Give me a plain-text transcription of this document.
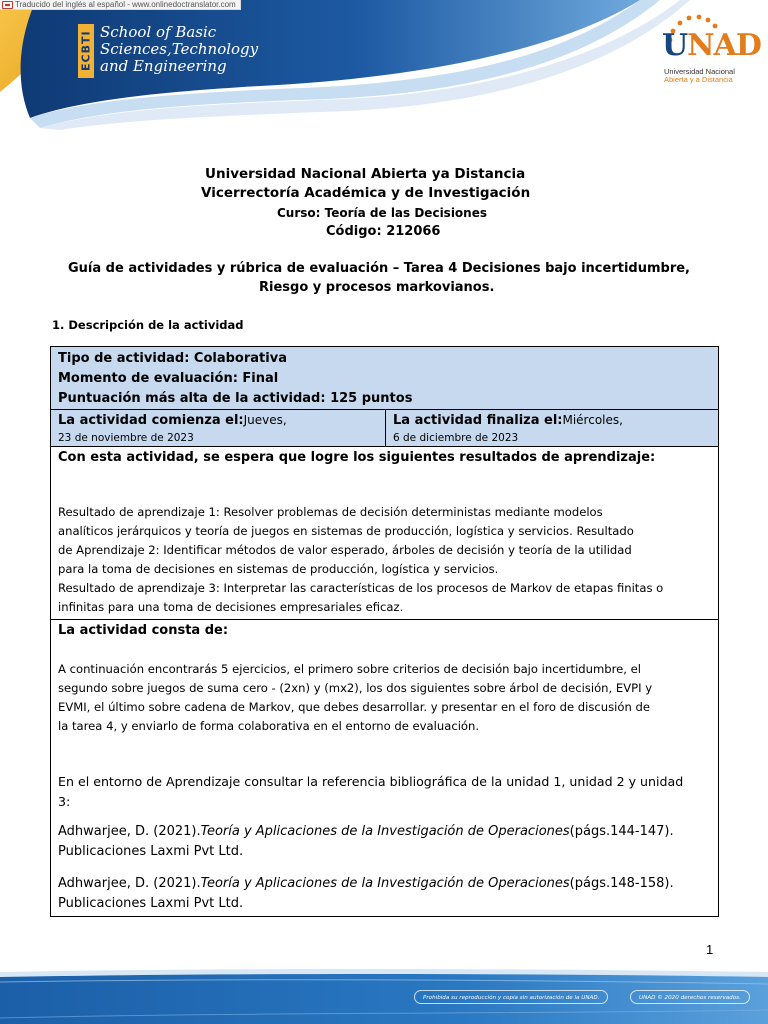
Traducido del inglés al español - www.onlinedoctranslator.com
ECBTI School of Basic
Sciences,Technology
and Engineering
UNAD
Universidad Nacional
Abierta y a Distancia
Universidad Nacional Abierta ya Distancia
Vicerrectoría Académica y de Investigación
Curso: Teoría de las Decisiones
Código: 212066
Guía de actividades y rúbrica de evaluación – Tarea 4 Decisiones bajo incertidumbre,
Riesgo y procesos markovianos.
1. Descripción de la actividad
Tipo de actividad: Colaborativa
Momento de evaluación: Final
Puntuación más alta de la actividad: 125 puntos
La actividad comienza el:Jueves,
23 de noviembre de 2023
La actividad finaliza el:Miércoles,
6 de diciembre de 2023
Con esta actividad, se espera que logre los siguientes resultados de aprendizaje:

Resultado de aprendizaje 1: Resolver problemas de decisión deterministas mediante modelos

analíticos jerárquicos y teoría de juegos en sistemas de producción, logística y servicios. Resultado

de Aprendizaje 2: Identificar métodos de valor esperado, árboles de decisión y teoría de la utilidad

para la toma de decisiones en sistemas de producción, logística y servicios.

Resultado de aprendizaje 3: Interpretar las características de los procesos de Markov de etapas finitas o

infinitas para una toma de decisiones empresariales eficaz.

La actividad consta de:

A continuación encontrarás 5 ejercicios, el primero sobre criterios de decisión bajo incertidumbre, el

segundo sobre juegos de suma cero - (2xn) y (mx2), los dos siguientes sobre árbol de decisión, EVPI y

EVMI, el último sobre cadena de Markov, que debes desarrollar. y presentar en el foro de discusión de

la tarea 4, y enviarlo de forma colaborativa en el entorno de evaluación.

En el entorno de Aprendizaje consultar la referencia bibliográfica de la unidad 1, unidad 2 y unidad
3:
Adhwarjee, D. (2021).Teoría y Aplicaciones de la Investigación de Operaciones(págs.144-147).
Publicaciones Laxmi Pvt Ltd.
Adhwarjee, D. (2021).Teoría y Aplicaciones de la Investigación de Operaciones(págs.148-158).
Publicaciones Laxmi Pvt Ltd.
1
Prohibida su reproducción y copia sin autorización de la UNAD.	UNAD © 2020 derechos reservados.
